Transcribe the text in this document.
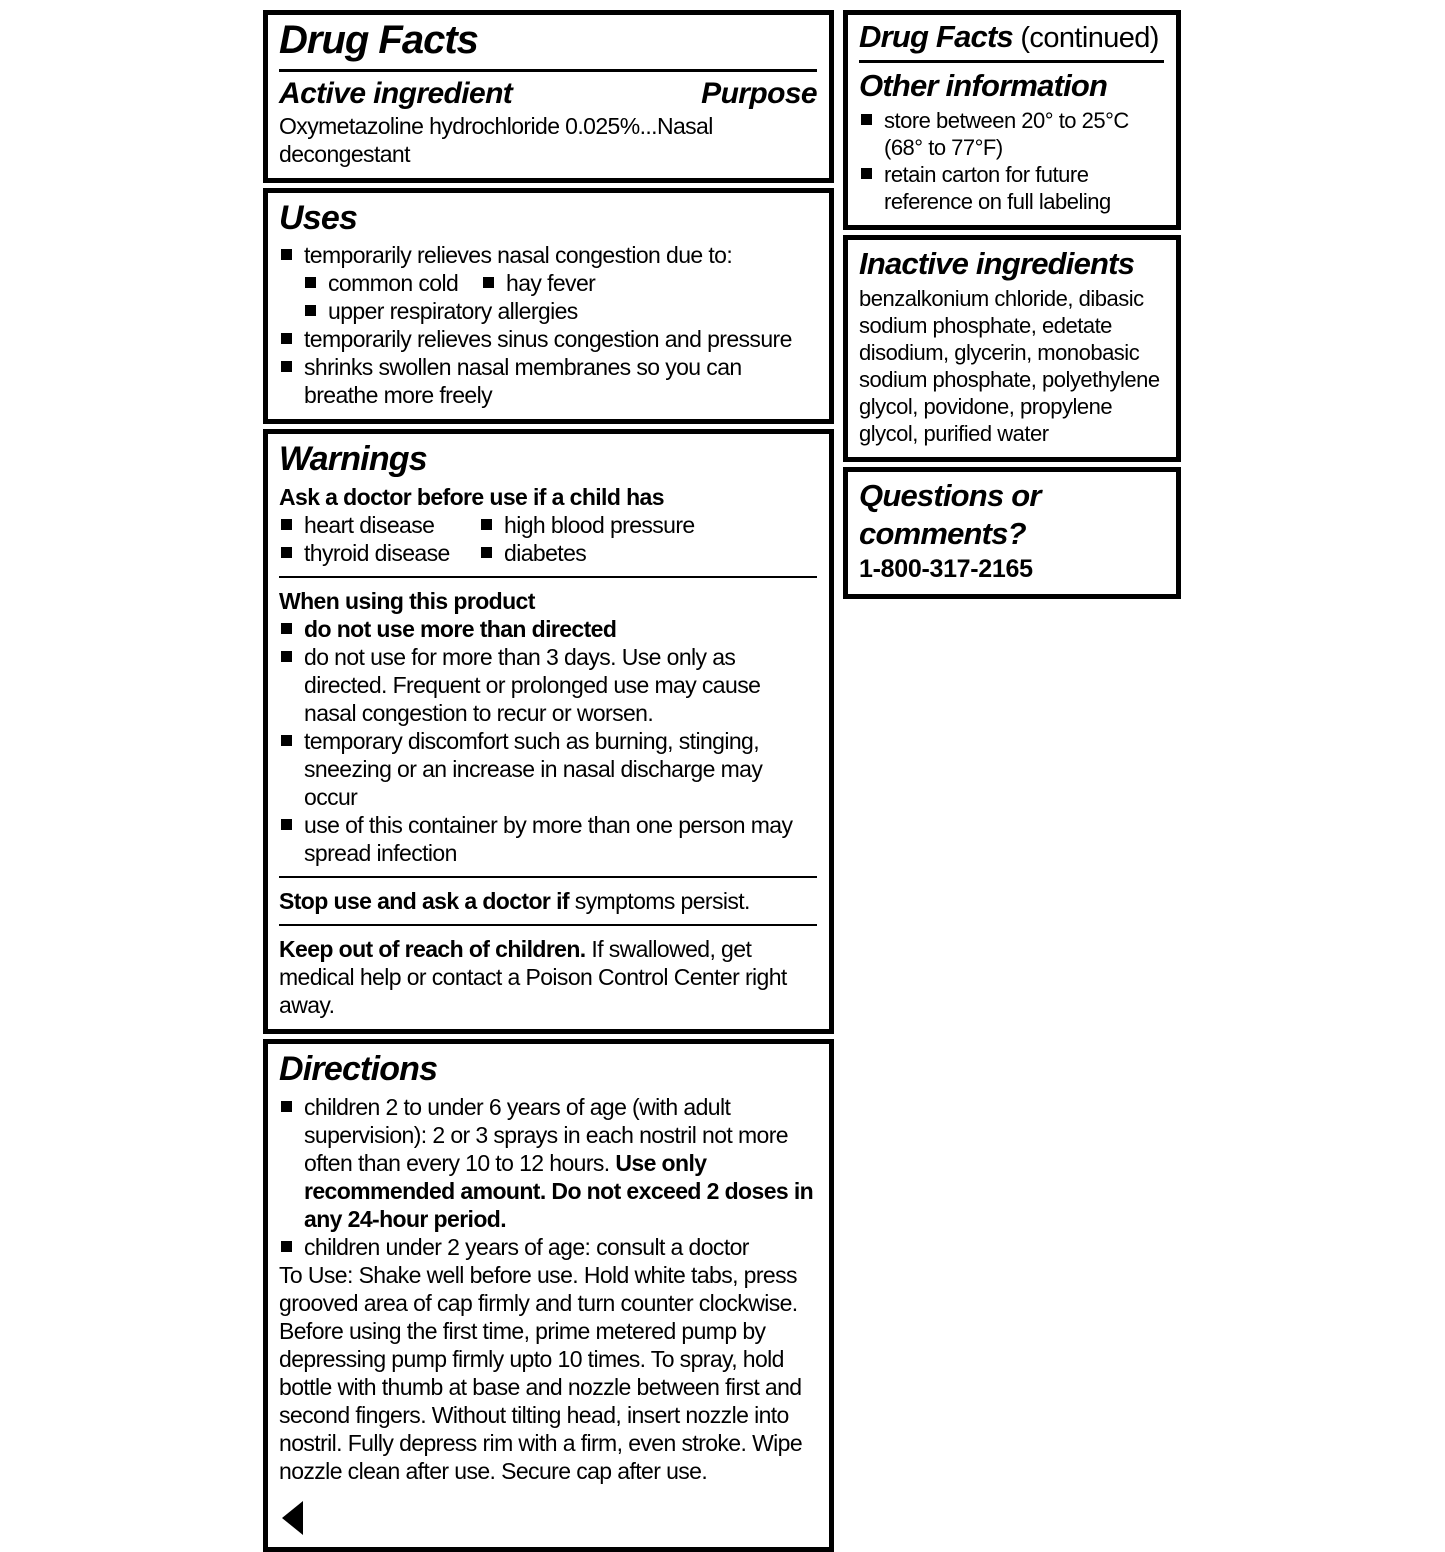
Drug Facts
Active ingredient	Purpose
Oxymetazoline hydrochloride 0.025%...Nasal decongestant
Uses
temporarily relieves nasal congestion due to:
common cold hay fever
upper respiratory allergies
temporarily relieves sinus congestion and pressure
shrinks swollen nasal membranes so you can breathe more freely
Warnings
Ask a doctor before use if a child has
heart disease	high blood pressure
thyroid disease diabetes
When using this product
do not use more than directed
do not use for more than 3 days. Use only as directed. Frequent or prolonged use may cause nasal congestion to recur or worsen.
temporary discomfort such as burning, stinging, sneezing or an increase in nasal discharge may occur
use of this container by more than one person may spread infection
Stop use and ask a doctor if symptoms persist.
Keep out of reach of children. If swallowed, get medical help or contact a Poison Control Center right away.
Directions
children 2 to under 6 years of age (with adult supervision): 2 or 3 sprays in each nostril not more often than every 10 to 12 hours. Use only recommended amount. Do not exceed 2 doses in any 24-hour period.
children under 2 years of age: consult a doctor
To Use: Shake well before use. Hold white tabs, press grooved area of cap firmly and turn counter clockwise. Before using the first time, prime metered pump by depressing pump firmly upto 10 times. To spray, hold bottle with thumb at base and nozzle between first and second fingers. Without tilting head, insert nozzle into nostril. Fully depress rim with a firm, even stroke. Wipe nozzle clean after use. Secure cap after use.
Drug Facts (continued)
Other information
store between 20° to 25°C (68° to 77°F)
retain carton for future reference on full labeling
Inactive ingredients
benzalkonium chloride, dibasic sodium phosphate, edetate disodium, glycerin, monobasic sodium phosphate, polyethylene glycol, povidone, propylene glycol, purified water
Questions or comments?
1-800-317-2165
